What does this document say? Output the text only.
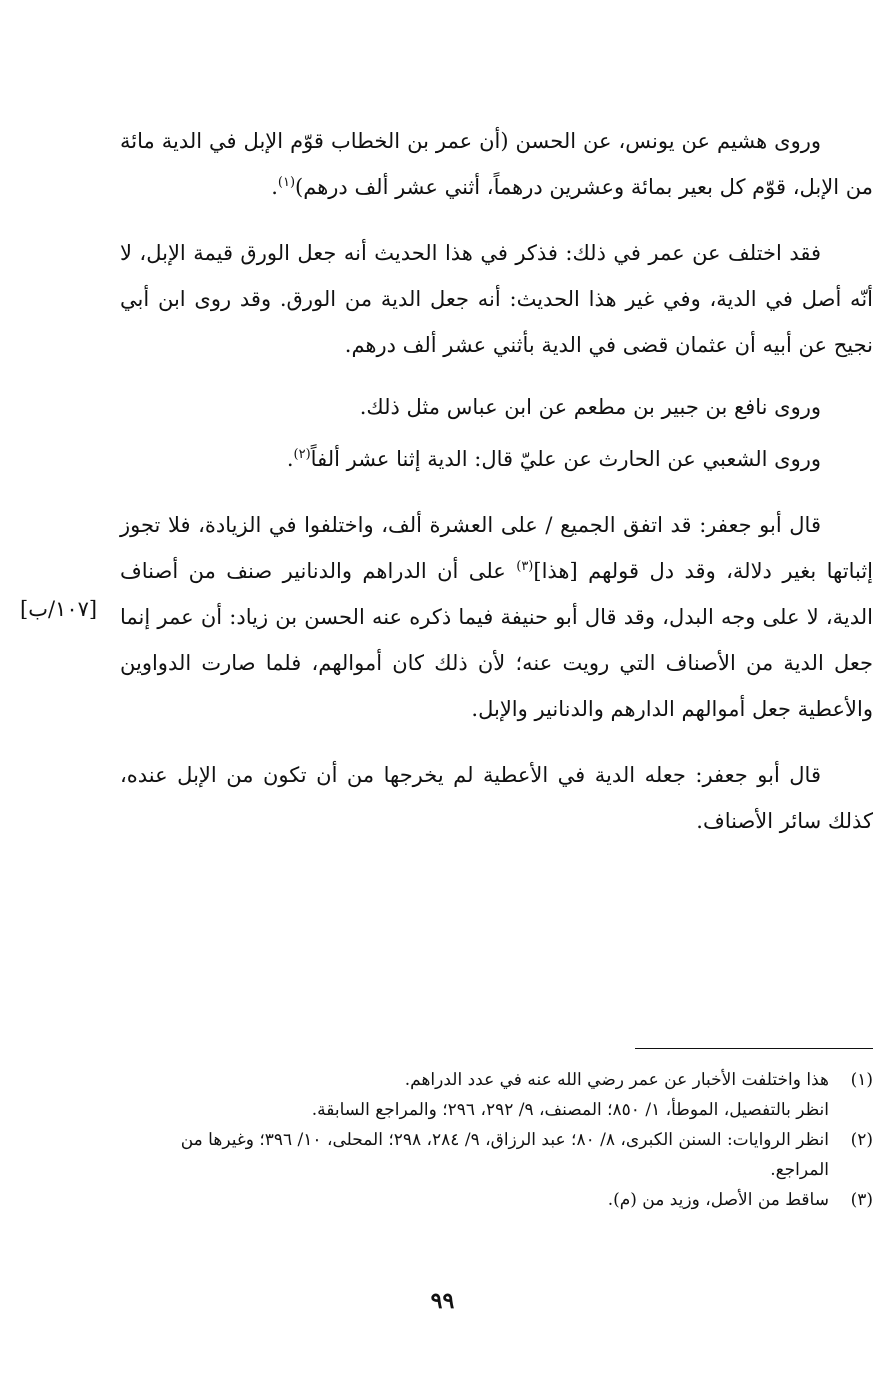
وروى هشيم عن يونس، عن الحسن (أن عمر بن الخطاب قوّم الإبل في الدية مائة من الإبل، قوّم كل بعير بمائة وعشرين درهماً، أثني عشر ألف درهم)$^{(١)}$.

فقد اختلف عن عمر في ذلك: فذكر في هذا الحديث أنه جعل الورق قيمة الإبل، لا أنّه أصل في الدية، وفي غير هذا الحديث: أنه جعل الدية من الورق. وقد روى ابن أبي نجيح عن أبيه أن عثمان قضى في الدية بأثني عشر ألف درهم.

وروى نافع بن جبير بن مطعم عن ابن عباس مثل ذلك.

وروى الشعبي عن الحارث عن عليّ قال: الدية إثنا عشر ألفاً$^{(٢)}$.

قال أبو جعفر: قد اتفق الجميع / على العشرة ألف، واختلفوا في الزيادة، فلا تجوز إثباتها بغير دلالة، وقد دل قولهم [هذا]$^{(٣)}$ على أن الدراهم والدنانير صنف من أصناف الدية، لا على وجه البدل، وقد قال أبو حنيفة فيما ذكره عنه الحسن بن زياد: أن عمر إنما جعل الدية من الأصناف التي رويت عنه؛ لأن ذلك كان أموالهم، فلما صارت الدواوين والأعطية جعل أموالهم الدارهم والدنانير والإبل.

قال أبو جعفر: جعله الدية في الأعطية لم يخرجها من أن تكون من الإبل عنده، كذلك سائر الأصناف.

[١٠٧/ب]
(١)
هذا واختلفت الأخبار عن عمر رضي الله عنه في عدد الدراهم.
انظر بالتفصيل، الموطأ، ١/ ٨٥٠؛ المصنف، ٩/ ٢٩٢، ٢٩٦؛ والمراجع السابقة.
(٢)
انظر الروايات: السنن الكبرى، ٨/ ٨٠؛ عبد الرزاق، ٩/ ٢٨٤، ٢٩٨؛ المحلى، ١٠/ ٣٩٦؛ وغيرها من المراجع.
(٣)
ساقط من الأصل، وزيد من (م).
٩٩
